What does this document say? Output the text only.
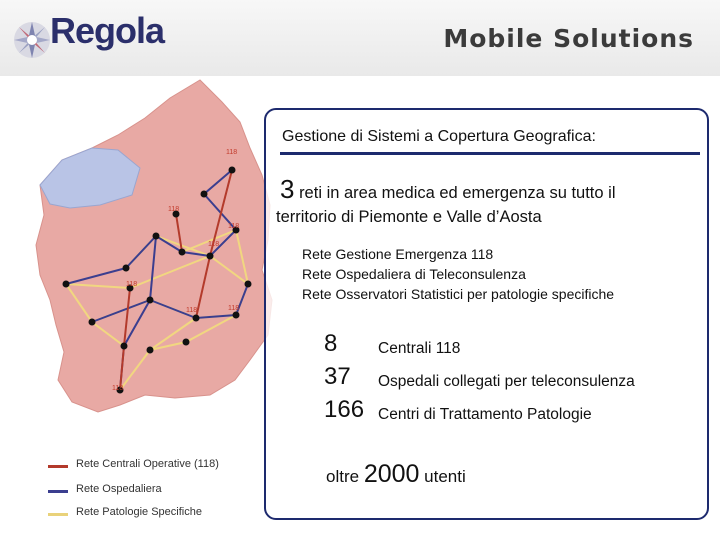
Regola	Mobile Solutions
118
118
118
118
118
118	118
118
Rete Centrali Operative (118)
Rete Ospedaliera
Rete Patologie Specifiche
Gestione di Sistemi a Copertura Geografica:
3 reti in area medica ed emergenza su tutto il
territorio di Piemonte e Valle d’Aosta
Rete Gestione Emergenza 118
Rete Ospedaliera di Teleconsulenza
Rete Osservatori Statistici per patologie specifiche
8	Centrali 118
37 Ospedali collegati per teleconsulenza
166 Centri di Trattamento Patologie
oltre 2000 utenti
